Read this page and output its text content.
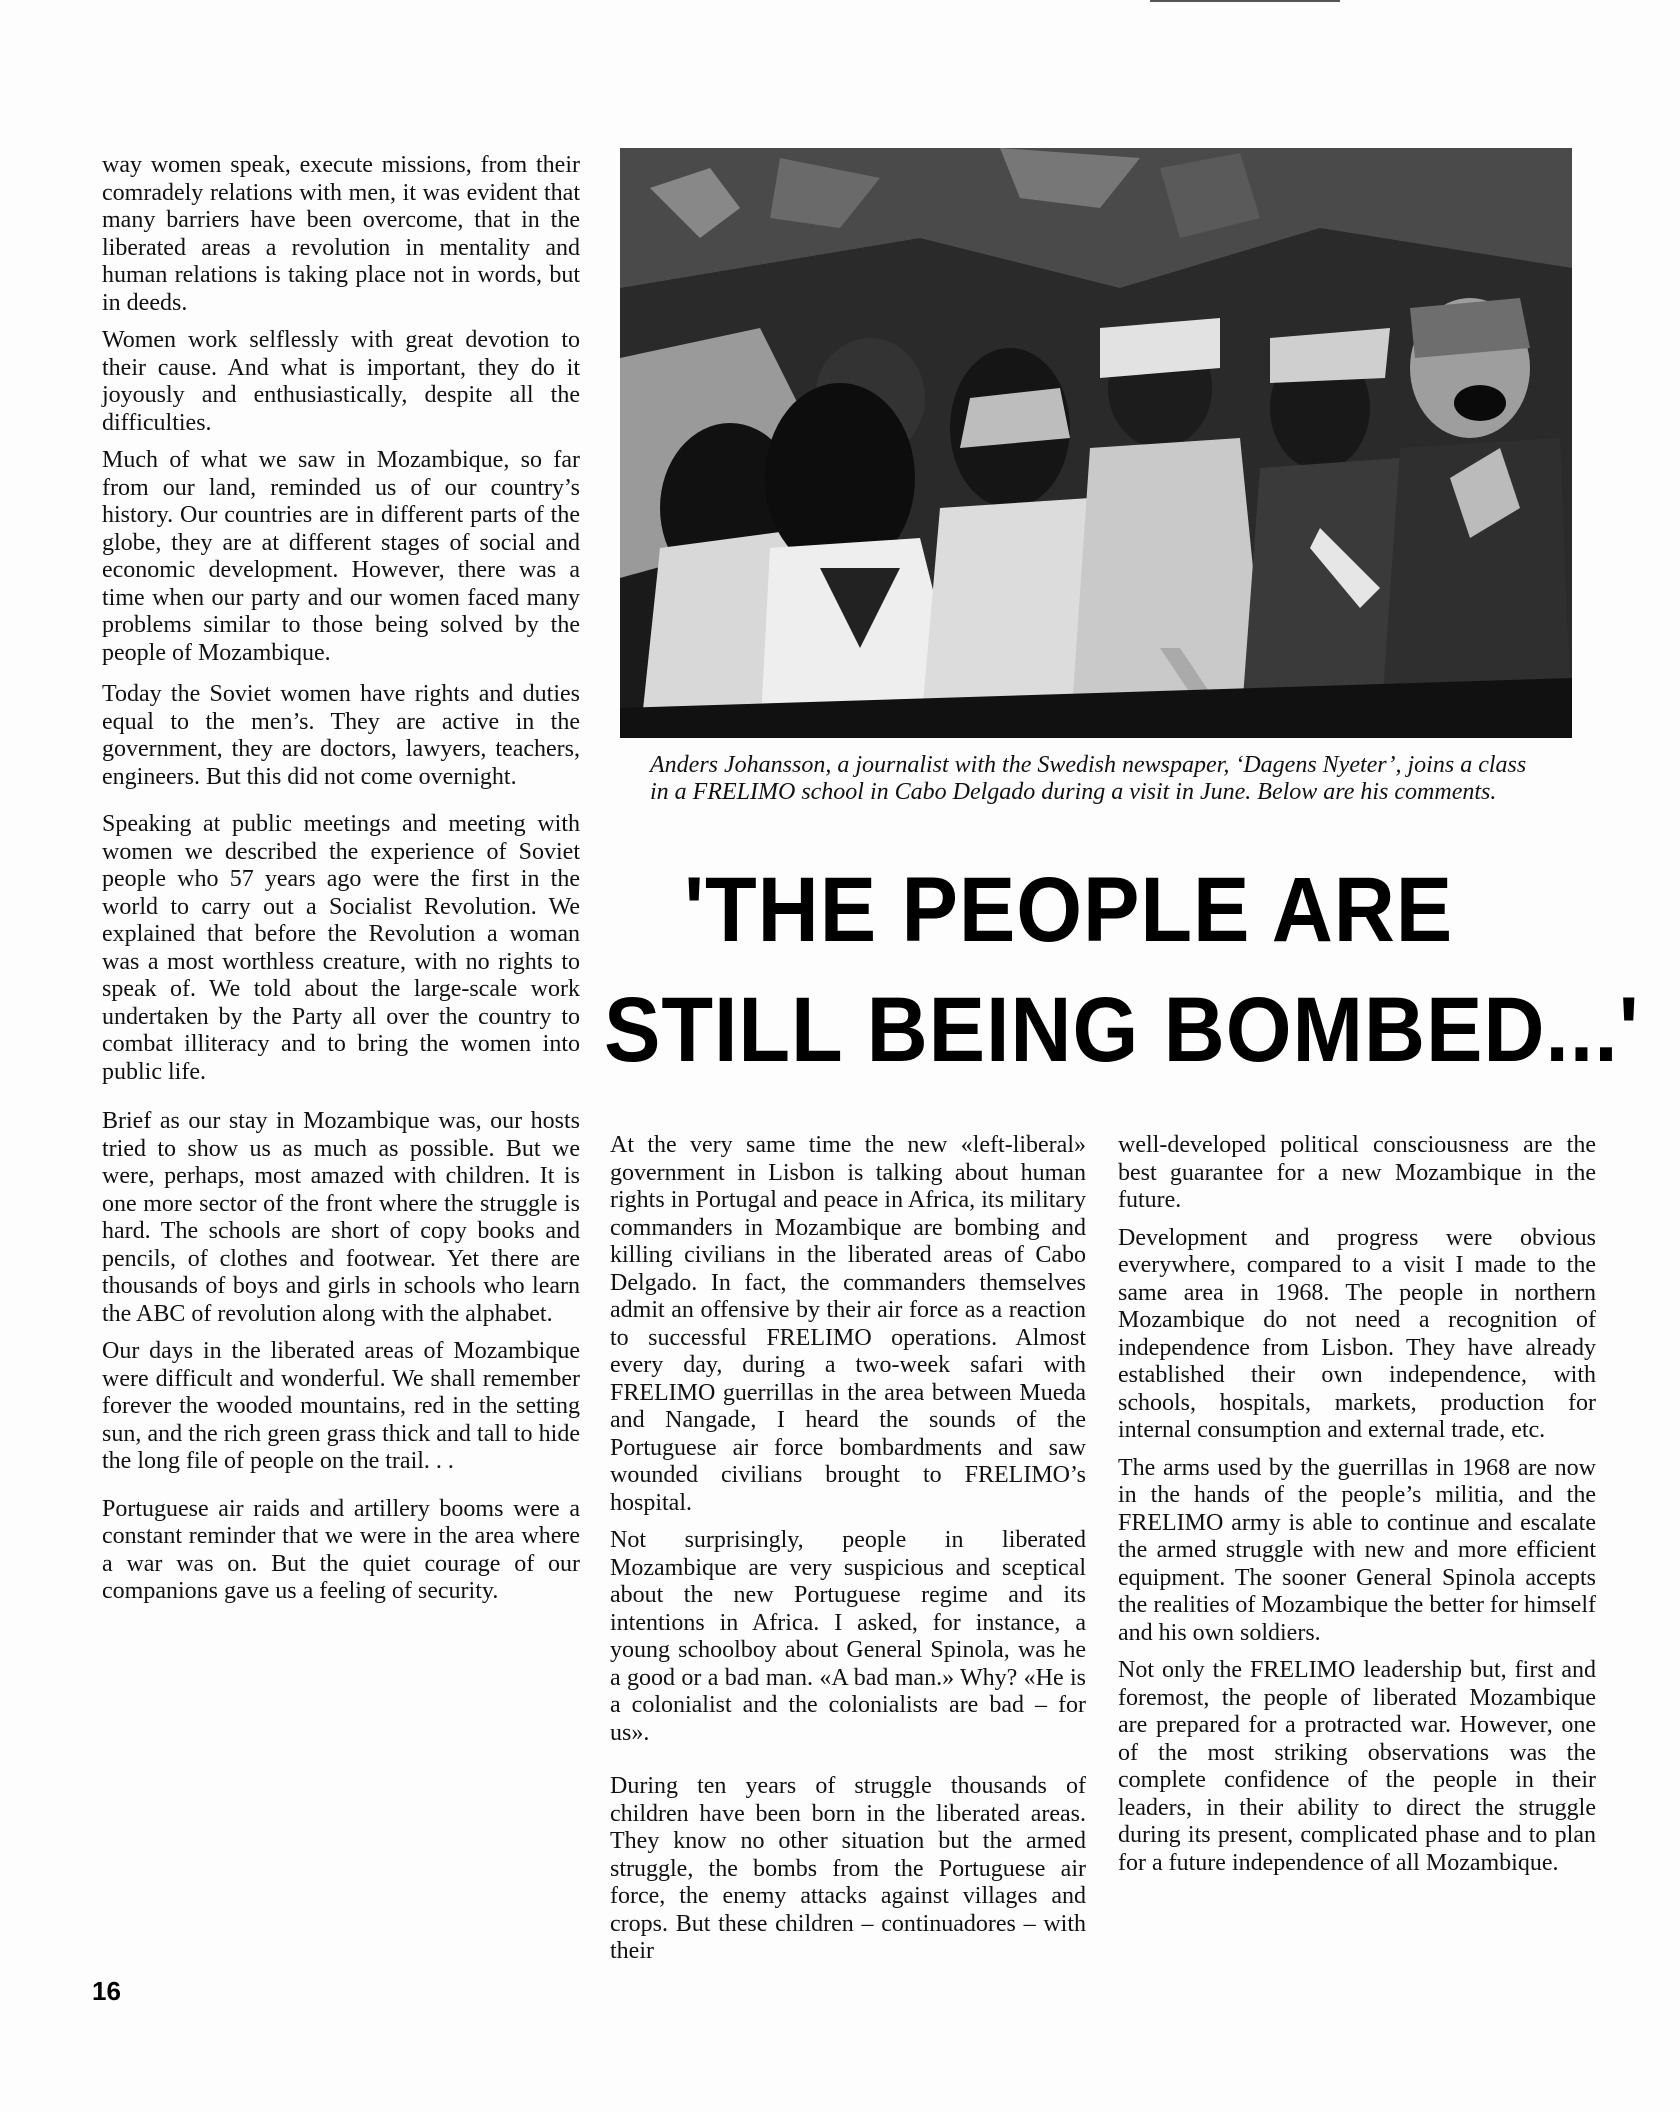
way women speak, execute missions, from their comradely relations with men, it was evident that many barriers have been overcome, that in the liberated areas a revolution in mentality and human relations is taking place not in words, but in deeds.

Women work selflessly with great devotion to their cause. And what is important, they do it joyously and enthusiastically, despite all the difficulties.

Much of what we saw in Mozambique, so far from our land, reminded us of our country’s history. Our countries are in different parts of the globe, they are at different stages of social and economic development. However, there was a time when our party and our women faced many problems similar to those being solved by the people of Mozambique.

Today the Soviet women have rights and duties equal to the men’s. They are active in the government, they are doctors, lawyers, teachers, engineers. But this did not come overnight.

Speaking at public meetings and meeting with women we described the experience of Soviet people who 57 years ago were the first in the world to carry out a Socialist Revolution. We explained that before the Revolution a woman was a most worthless creature, with no rights to speak of. We told about the large-scale work undertaken by the Party all over the country to combat illiteracy and to bring the women into public life.

Brief as our stay in Mozambique was, our hosts tried to show us as much as possible. But we were, perhaps, most amazed with children. It is one more sector of the front where the struggle is hard. The schools are short of copy books and pencils, of clothes and footwear. Yet there are thousands of boys and girls in schools who learn the ABC of revolution along with the alphabet.

Our days in the liberated areas of Mozambique were difficult and wonderful. We shall remember forever the wooded mountains, red in the setting sun, and the rich green grass thick and tall to hide the long file of people on the trail. . .

Portuguese air raids and artillery booms were a constant reminder that we were in the area where a war was on. But the quiet courage of our companions gave us a feeling of security.

Anders Johansson, a journalist with the Swedish newspaper, ‘Dagens Nyeter’, joins a class in a FRELIMO school in Cabo Delgado during a visit in June. Below are his comments.
'THE PEOPLE ARE
STILL BEING BOMBED...'

At the very same time the new «left-liberal» government in Lisbon is talking about human rights in Portugal and peace in Africa, its military commanders in Mozambique are bombing and killing civilians in the liberated areas of Cabo Delgado. In fact, the commanders themselves admit an offensive by their air force as a reaction to successful FRELIMO operations. Almost every day, during a two-week safari with FRELIMO guerrillas in the area between Mueda and Nangade, I heard the sounds of the Portuguese air force bombardments and saw wounded civilians brought to FRELIMO’s hospital.

Not surprisingly, people in liberated Mozambique are very suspicious and sceptical about the new Portuguese regime and its intentions in Africa. I asked, for instance, a young schoolboy about General Spinola, was he a good or a bad man. «A bad man.» Why? «He is a colonialist and the colonialists are bad – for us».

During ten years of struggle thousands of children have been born in the liberated areas. They know no other situation but the armed struggle, the bombs from the Portuguese air force, the enemy attacks against villages and crops. But these children – continuadores – with their

well-developed political consciousness are the best guarantee for a new Mozambique in the future.

Development and progress were obvious everywhere, compared to a visit I made to the same area in 1968. The people in northern Mozambique do not need a recognition of independence from Lisbon. They have already established their own independence, with schools, hospitals, markets, production for internal consumption and external trade, etc.

The arms used by the guerrillas in 1968 are now in the hands of the people’s militia, and the FRELIMO army is able to continue and escalate the armed struggle with new and more efficient equipment. The sooner General Spinola accepts the realities of Mozambique the better for himself and his own soldiers.

Not only the FRELIMO leadership but, first and foremost, the people of liberated Mozambique are prepared for a protracted war. However, one of the most striking observations was the complete confidence of the people in their leaders, in their ability to direct the struggle during its present, complicated phase and to plan for a future independence of all Mozambique.

16
